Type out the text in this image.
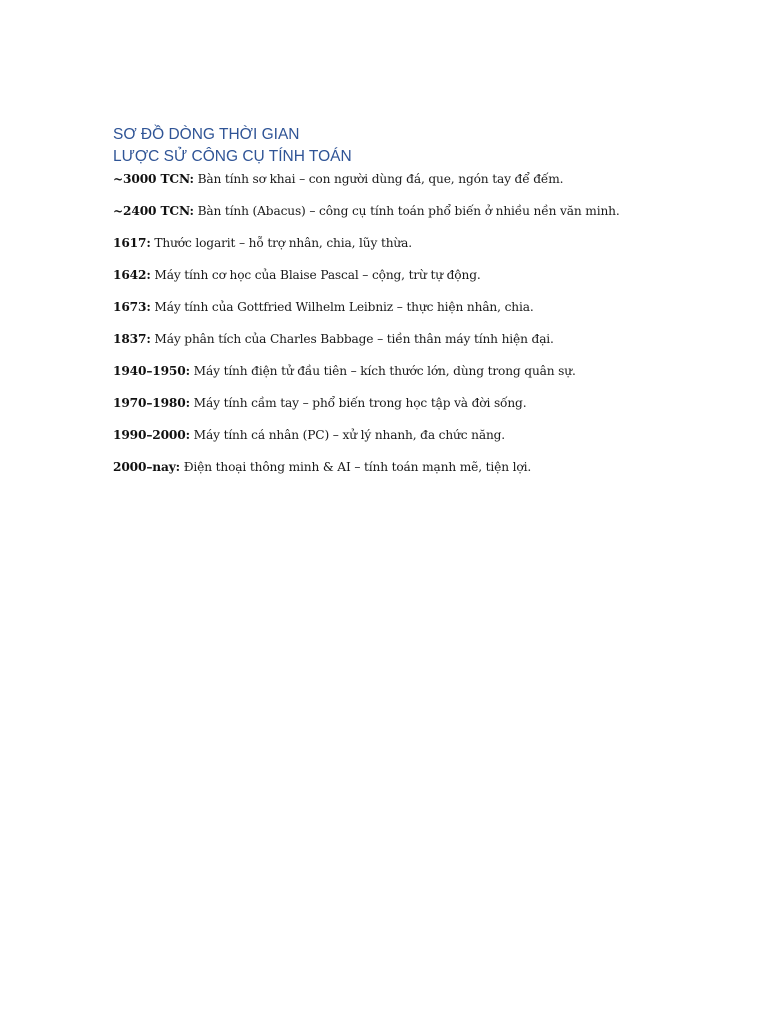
SƠ ĐỒ DÒNG THỜI GIAN
LƯỢC SỬ CÔNG CỤ TÍNH TOÁN
~3000 TCN: Bàn tính sơ khai – con người dùng đá, que, ngón tay để đếm.
~2400 TCN: Bàn tính (Abacus) – công cụ tính toán phổ biến ở nhiều nền văn minh.
1617: Thước logarit – hỗ trợ nhân, chia, lũy thừa.
1642: Máy tính cơ học của Blaise Pascal – cộng, trừ tự động.
1673: Máy tính của Gottfried Wilhelm Leibniz – thực hiện nhân, chia.
1837: Máy phân tích của Charles Babbage – tiền thân máy tính hiện đại.
1940–1950: Máy tính điện tử đầu tiên – kích thước lớn, dùng trong quân sự.
1970–1980: Máy tính cầm tay – phổ biến trong học tập và đời sống.
1990–2000: Máy tính cá nhân (PC) – xử lý nhanh, đa chức năng.
2000–nay: Điện thoại thông minh & AI – tính toán mạnh mẽ, tiện lợi.
